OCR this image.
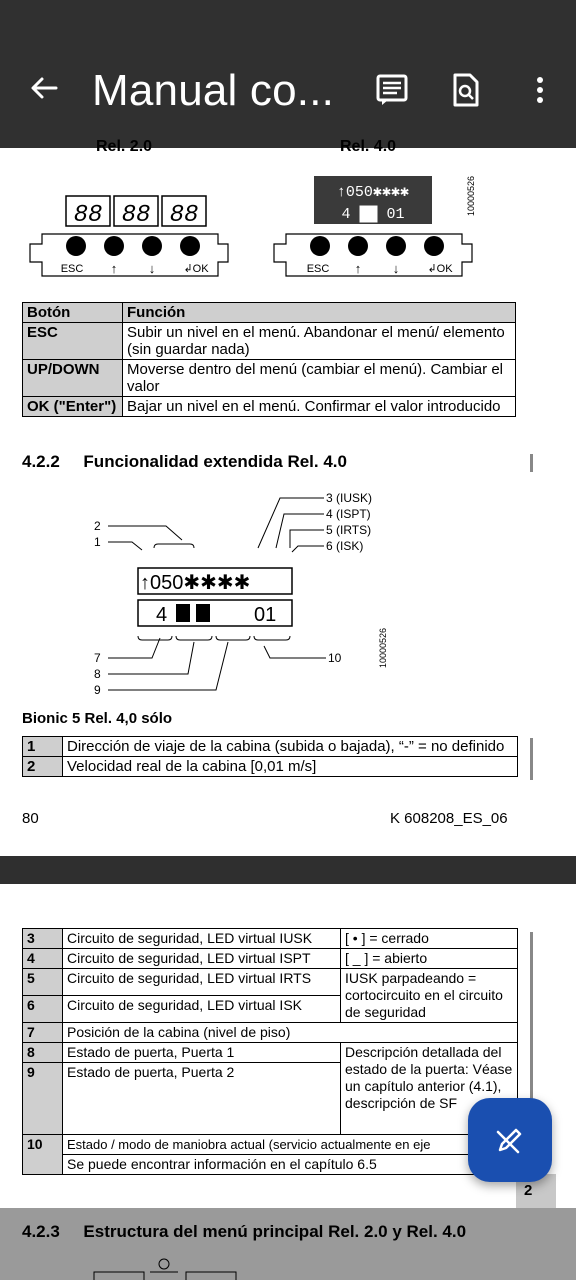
Manual co...
Rel. 2.0	Rel. 4.0
88 88 88
↑050✱✱✱✱
4 ██ 01	10000526
ESC ↑ ↓	↲OK	ESC ↑ ↓	↲OK
Botón	Función
ESC	Subir un nivel en el menú. Abandonar el menú/ elemento (sin guardar nada)
UP/DOWN	Moverse dentro del menú (cambiar el menú). Cambiar el valor
OK ("Enter")	Bajar un nivel en el menú. Confirmar el valor introducido
4.2.2     Funcionalidad extendida Rel. 4.0
3 (IUSK)
4 (ISPT)
5 (IRTS)
6 (ISK)
2
1
7
8
9
10
↑050✱✱✱✱
4	01
10000526
Bionic 5 Rel. 4,0 sólo
1	Dirección de viaje de la cabina (subida o bajada), “-” = no definido
2	Velocidad real de la cabina [0,01 m/s]
80	K 608208_ES_06
3	Circuito de seguridad, LED virtual IUSK	[ • ] = cerrado
4	Circuito de seguridad, LED virtual ISPT	[ _ ] = abierto
5	Circuito de seguridad, LED virtual IRTS	IUSK parpadeando = cortocircuito en el circuito de seguridad
6	Circuito de seguridad, LED virtual ISK	
7	Posición de la cabina (nivel de piso)	
8	Estado de puerta, Puerta 1	Descripción detallada del estado de la puerta: Véase un capítulo anterior (4.1), descripción de SF
9	Estado de puerta, Puerta 2	
10	Estado / modo de maniobra actual (servicio actualmente en eje	
	Se puede encontrar información en el capítulo 6.5	
2
4.2.3     Estructura del menú principal Rel. 2.0 y Rel. 4.0
